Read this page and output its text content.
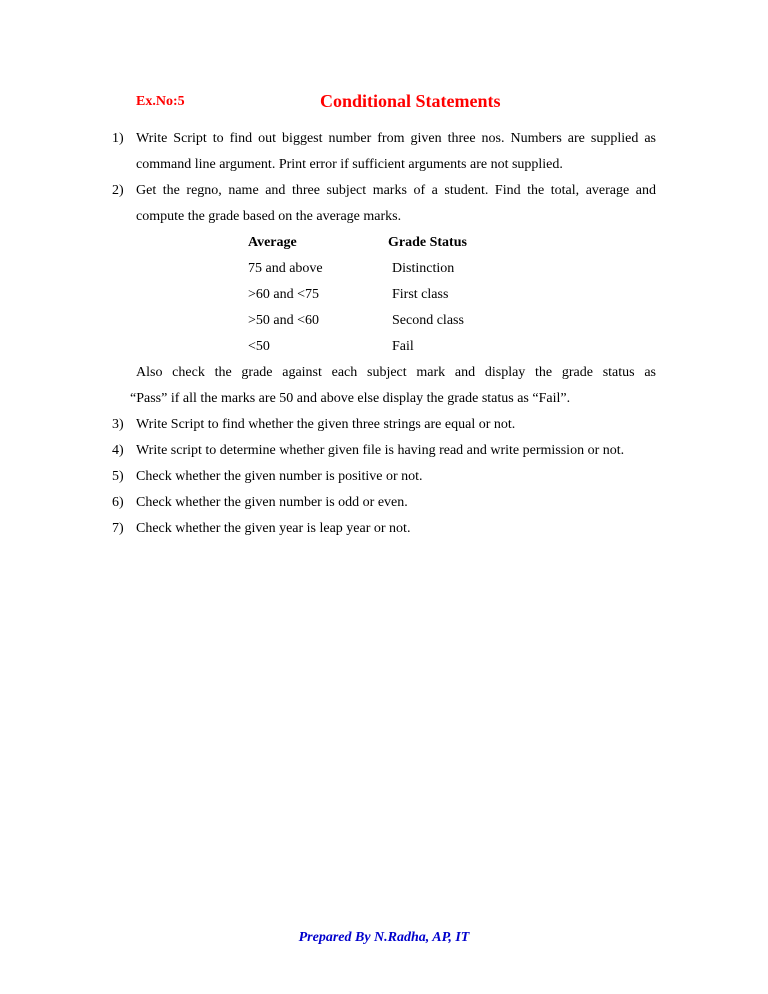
Ex.No:5	Conditional Statements
1) Write Script to find out biggest number from given three nos. Numbers are supplied as command line argument. Print error if sufficient arguments are not supplied.
2) Get the regno, name and three subject marks of a student. Find the total, average and compute the grade based on the average marks.
Average	Grade Status
75 and above	Distinction
>60 and <75	First class
>50 and <60	Second class
<50	Fail
Also check the grade against each subject mark and display the grade status as
“Pass” if all the marks are 50 and above else display the grade status as “Fail”.
3) Write Script to find whether the given three strings are equal or not.
4) Write script to determine whether given file is having read and write permission or not.
5) Check whether the given number is positive or not.
6) Check whether the given number is odd or even.
7) Check whether the given year is leap year or not.
Prepared By N.Radha, AP, IT
